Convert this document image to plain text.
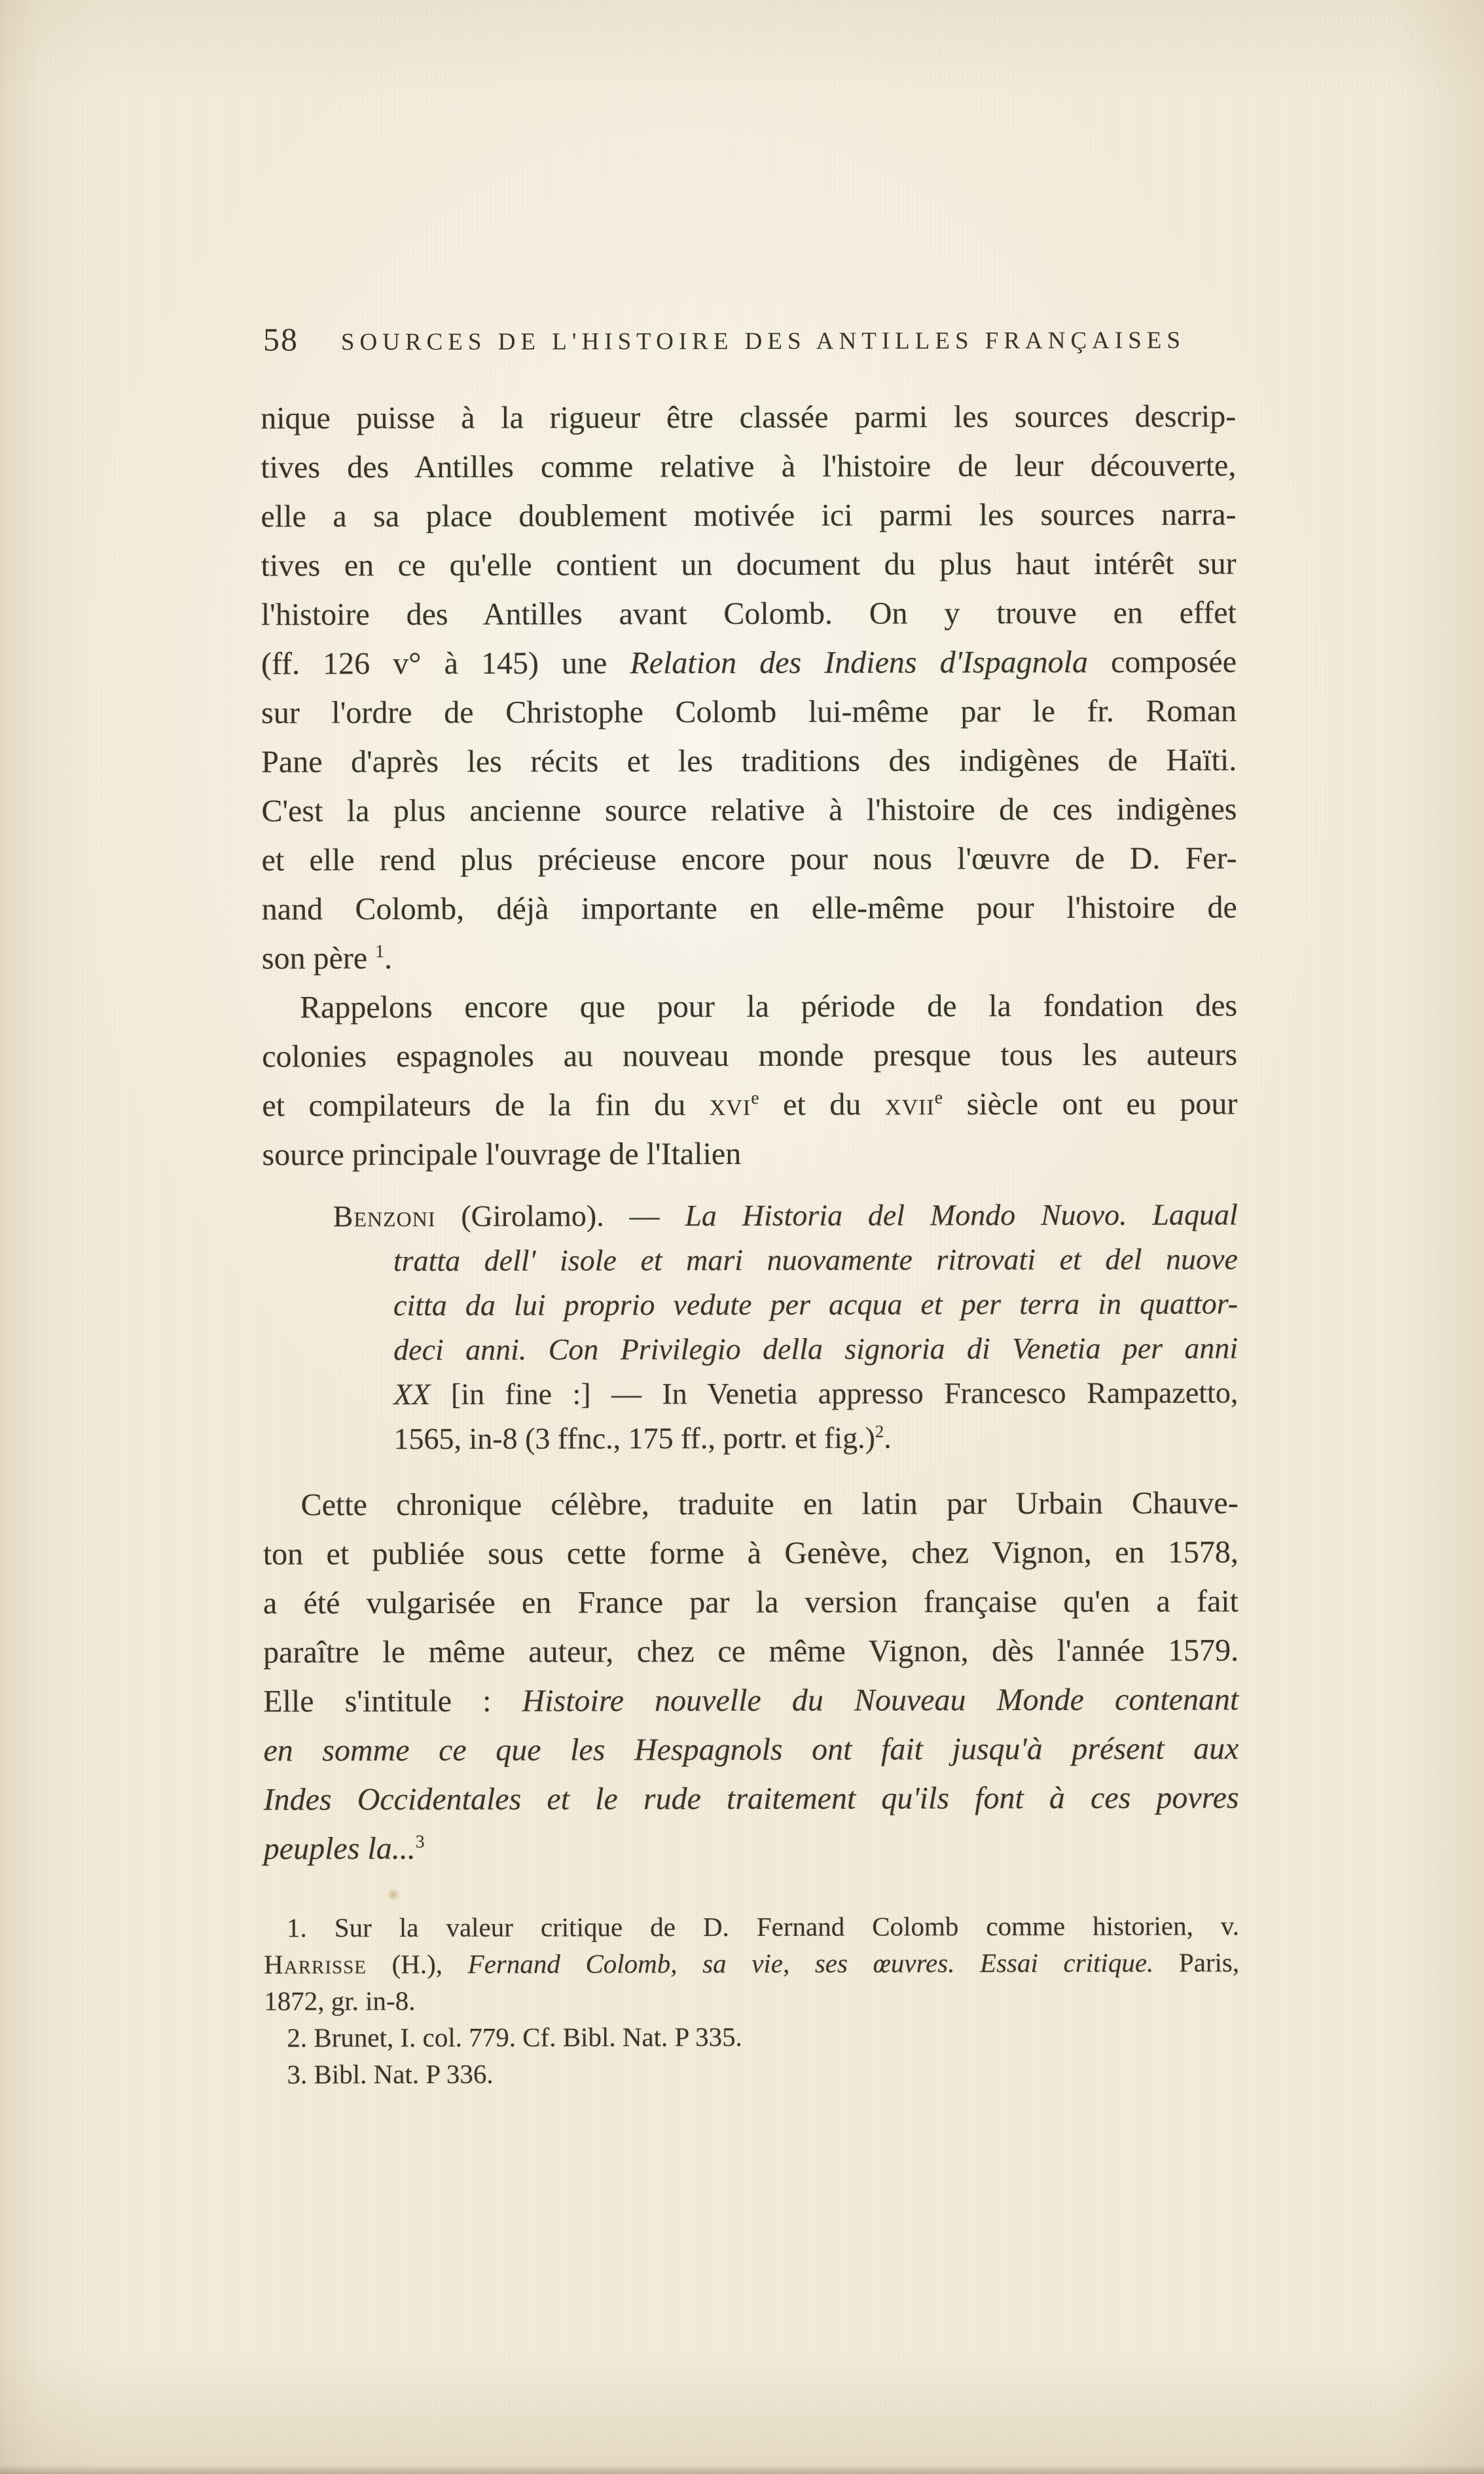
58	SOURCES DE L'HISTOIRE DES ANTILLES FRANÇAISES
nique puisse à la rigueur être classée parmi les sources descrip-
tives des Antilles comme relative à l'histoire de leur découverte,
elle a sa place doublement motivée ici parmi les sources narra-
tives en ce qu'elle contient un document du plus haut intérêt sur
l'histoire des Antilles avant Colomb. On y trouve en effet
(ff. 126 v° à 145) une Relation des Indiens d'Ispagnola composée
sur l'ordre de Christophe Colomb lui-même par le fr. Roman
Pane d'après les récits et les traditions des indigènes de Haïti.
C'est la plus ancienne source relative à l'histoire de ces indigènes
et elle rend plus précieuse encore pour nous l'œuvre de D. Fer-
nand Colomb, déjà importante en elle-même pour l'histoire de
son père $^1$.
Rappelons encore que pour la période de la fondation des
colonies espagnoles au nouveau monde presque tous les auteurs
et compilateurs de la fin du xvi$^e$ et du xvii$^e$ siècle ont eu pour
source principale l'ouvrage de l'Italien
Benzoni (Girolamo). — La Historia del Mondo Nuovo. Laqual
tratta dell' isole et mari nuovamente ritrovati et del nuove
citta da lui proprio vedute per acqua et per terra in quattor-
deci anni. Con Privilegio della signoria di Venetia per anni
XX [in fine :] — In Venetia appresso Francesco Rampazetto,
1565, in-8 (3 ffnc., 175 ff., portr. et fig.)$^2$.
Cette chronique célèbre, traduite en latin par Urbain Chauve-
ton et publiée sous cette forme à Genève, chez Vignon, en 1578,
a été vulgarisée en France par la version française qu'en a fait
paraître le même auteur, chez ce même Vignon, dès l'année 1579.
Elle s'intitule : Histoire nouvelle du Nouveau Monde contenant
en somme ce que les Hespagnols ont fait jusqu'à présent aux
Indes Occidentales et le rude traitement qu'ils font à ces povres
peuples la...$^3$
1. Sur la valeur critique de D. Fernand Colomb comme historien, v.
Harrisse (H.), Fernand Colomb, sa vie, ses œuvres. Essai critique. Paris,
1872, gr. in-8.
2. Brunet, I. col. 779. Cf. Bibl. Nat. P 335.
3. Bibl. Nat. P 336.
